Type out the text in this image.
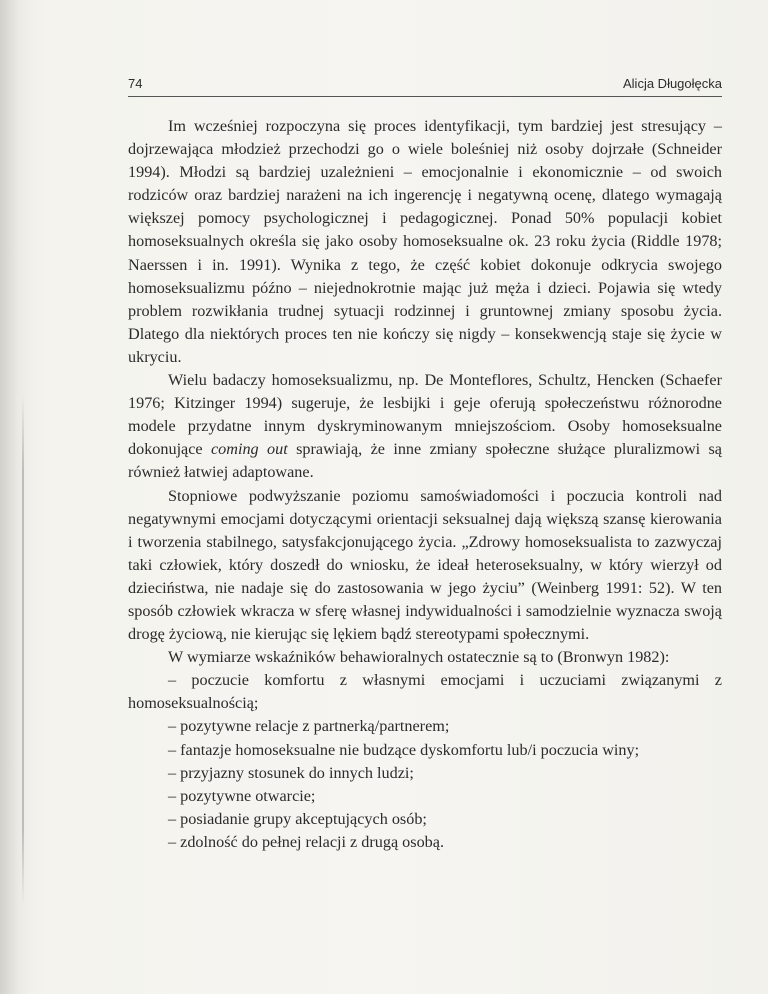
74	Alicja Długołęcka

Im wcześniej rozpoczyna się proces identyfikacji, tym bardziej jest stresujący – dojrzewająca młodzież przechodzi go o wiele boleśniej niż osoby dojrzałe (Schneider 1994). Młodzi są bardziej uzależnieni – emocjonalnie i ekonomicznie – od swoich rodziców oraz bardziej narażeni na ich ingerencję i negatywną ocenę, dlatego wymagają większej pomocy psychologicznej i pedagogicznej. Ponad 50% populacji kobiet homoseksualnych określa się jako osoby homoseksualne ok. 23 roku życia (Riddle 1978; Naerssen i in. 1991). Wynika z tego, że część kobiet dokonuje odkrycia swojego homoseksualizmu późno – niejednokrotnie mając już męża i dzieci. Pojawia się wtedy problem rozwikłania trudnej sytuacji rodzinnej i gruntownej zmiany sposobu życia. Dlatego dla niektórych proces ten nie kończy się nigdy – konsekwencją staje się życie w ukryciu.

Wielu badaczy homoseksualizmu, np. De Monteflores, Schultz, Hencken (Schaefer 1976; Kitzinger 1994) sugeruje, że lesbijki i geje oferują społeczeństwu różnorodne modele przydatne innym dyskryminowanym mniejszościom. Osoby homoseksualne dokonujące coming out sprawiają, że inne zmiany społeczne służące pluralizmowi są również łatwiej adaptowane.

Stopniowe podwyższanie poziomu samoświadomości i poczucia kontroli nad negatywnymi emocjami dotyczącymi orientacji seksualnej dają większą szansę kierowania i tworzenia stabilnego, satysfakcjonującego życia. „Zdrowy homoseksualista to zazwyczaj taki człowiek, który doszedł do wniosku, że ideał heteroseksualny, w który wierzył od dzieciństwa, nie nadaje się do zastosowania w jego życiu” (Weinberg 1991: 52). W ten sposób człowiek wkracza w sferę własnej indywidualności i samodzielnie wyznacza swoją drogę życiową, nie kierując się lękiem bądź stereotypami społecznymi.

W wymiarze wskaźników behawioralnych ostatecznie są to (Bronwyn 1982):

– poczucie komfortu z własnymi emocjami i uczuciami związanymi z homoseksualnością;
– pozytywne relacje z partnerką/partnerem;
– fantazje homoseksualne nie budzące dyskomfortu lub/i poczucia winy;
– przyjazny stosunek do innych ludzi;
– pozytywne otwarcie;
– posiadanie grupy akceptujących osób;
– zdolność do pełnej relacji z drugą osobą.
